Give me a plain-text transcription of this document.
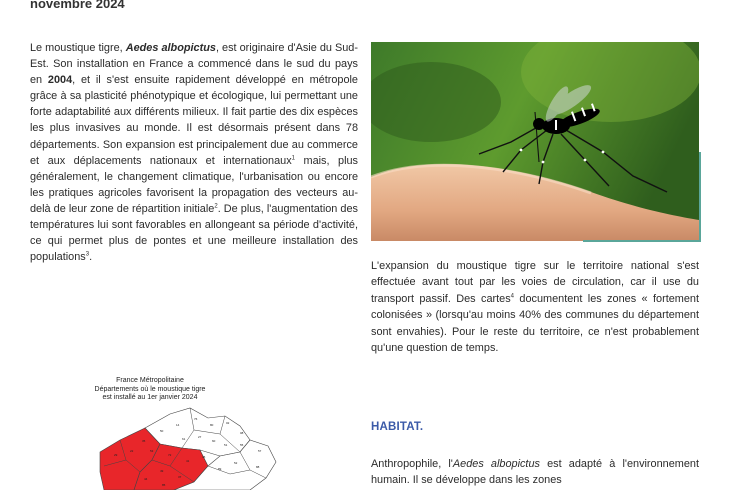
novembre 2024
Le moustique tigre, Aedes albopictus, est originaire d'Asie du Sud-Est. Son installation en France a commencé dans le sud du pays en 2004, et il s'est ensuite rapidement développé en métropole grâce à sa plasticité phénotypique et écologique, lui permettant une forte adaptabilité aux différents milieux. Il fait partie des dix espèces les plus invasives au monde. Il est désormais présent dans 78 départements. Son expansion est principalement due au commerce et aux déplacements nationaux et internationaux$^1$ mais, plus généralement, le changement climatique, l'urbanisation ou encore les pratiques agricoles favorisent la propagation des vecteurs au-delà de leur zone de répartition initiale$^2$. De plus, l'augmentation des températures lui sont favorables en allongeant sa période d'activité, ce qui permet plus de pontes et une meilleure installation des populations$^3$.
L'expansion du moustique tigre sur le territoire national s'est effectuée avant tout par les voies de circulation, car il use du transport passif. Des cartes$^4$ documentent les zones « fortement colonisées » (lorsqu'au moins 40% des communes du département sont envahies). Pour le reste du territoire, ce n'est probablement qu'une question de temps.
HABITAT.
Anthropophile, l'Aedes albopictus est adapté à l'environnement humain. Il se développe dans les zones
France Métropolitaine
Départements où le moustique tigre
est installé au 1er janvier 2024
29
22
35
50
14
76
80	02
08
60
27
61
53
72
41
45
51	55
57
52
88
89
49
37
44
85
